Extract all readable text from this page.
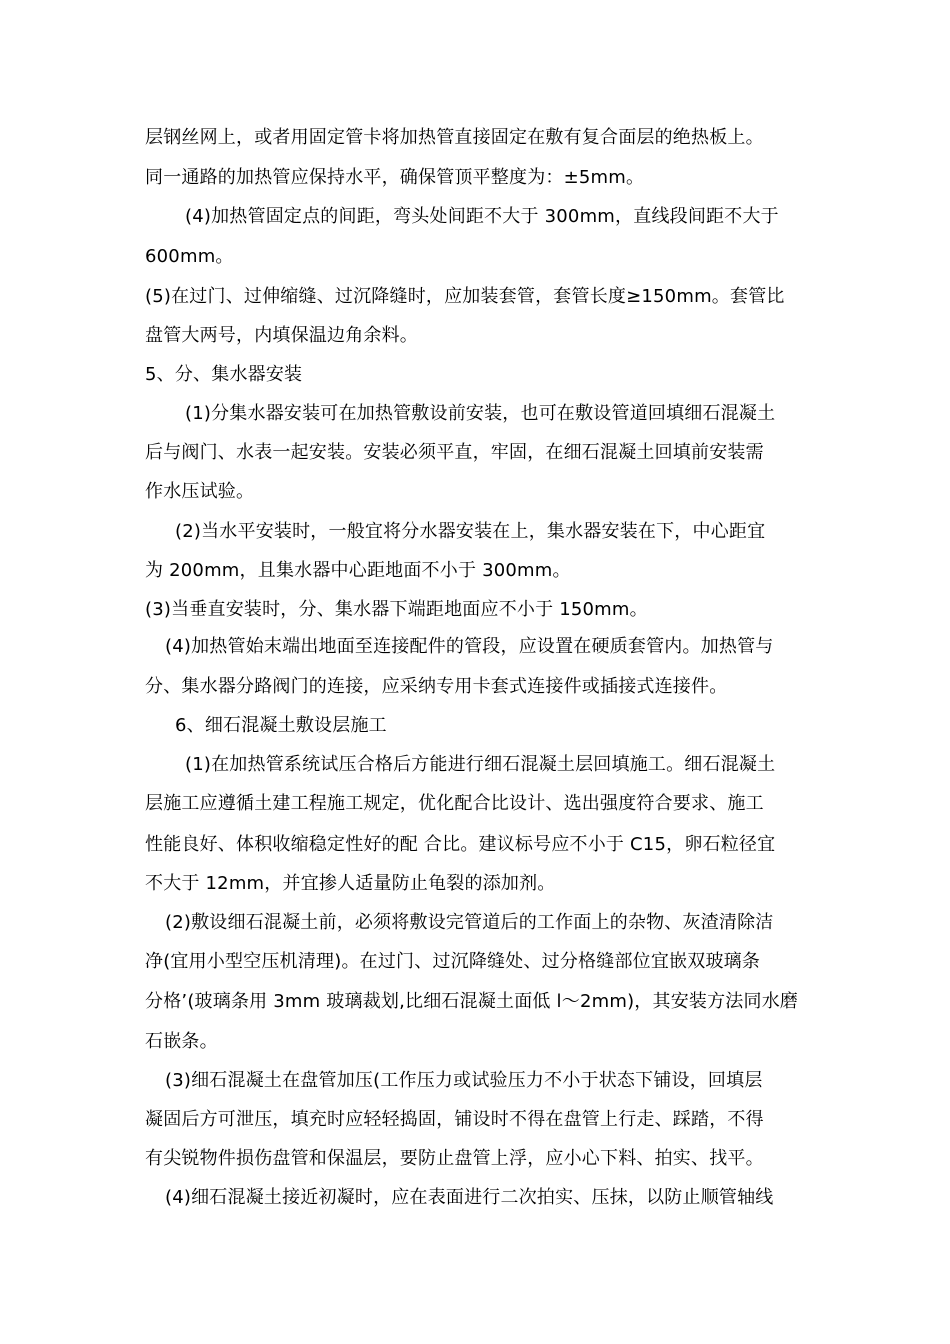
层钢丝网上，或者用固定管卡将加热管直接固定在敷有复合面层的绝热板上。
同一通路的加热管应保持水平，确保管顶平整度为：±5mm。
(4)加热管固定点的间距，弯头处间距不大于 300mm，直线段间距不大于
600mm。
(5)在过门、过伸缩缝、过沉降缝时，应加装套管，套管长度≥150mm。套管比
盘管大两号，内填保温边角余料。
5、分、集水器安装
(1)分集水器安装可在加热管敷设前安装，也可在敷设管道回填细石混凝土
后与阀门、水表一起安装。安装必须平直，牢固，在细石混凝土回填前安装需
作水压试验。
(2)当水平安装时，一般宜将分水器安装在上，集水器安装在下，中心距宜
为 200mm，且集水器中心距地面不小于 300mm。
(3)当垂直安装时，分、集水器下端距地面应不小于 150mm。
(4)加热管始末端出地面至连接配件的管段，应设置在硬质套管内。加热管与
分、集水器分路阀门的连接，应采纳专用卡套式连接件或插接式连接件。
6、细石混凝土敷设层施工
(1)在加热管系统试压合格后方能进行细石混凝土层回填施工。细石混凝土
层施工应遵循土建工程施工规定，优化配合比设计、选出强度符合要求、施工
性能良好、体积收缩稳定性好的配 合比。建议标号应不小于 C15，卵石粒径宜
不大于 12mm，并宜掺人适量防止龟裂的添加剂。
(2)敷设细石混凝土前，必须将敷设完管道后的工作面上的杂物、灰渣清除洁
净(宜用小型空压机清理)。在过门、过沉降缝处、过分格缝部位宜嵌双玻璃条
分格’(玻璃条用 3mm 玻璃裁划,比细石混凝土面低 l～2mm)，其安装方法同水磨
石嵌条。
(3)细石混凝土在盘管加压(工作压力或试验压力不小于状态下铺设，回填层
凝固后方可泄压，填充时应轻轻捣固，铺设时不得在盘管上行走、踩踏，不得
有尖锐物件损伤盘管和保温层，要防止盘管上浮，应小心下料、拍实、找平。
(4)细石混凝土接近初凝时，应在表面进行二次拍实、压抹，以防止顺管轴线
